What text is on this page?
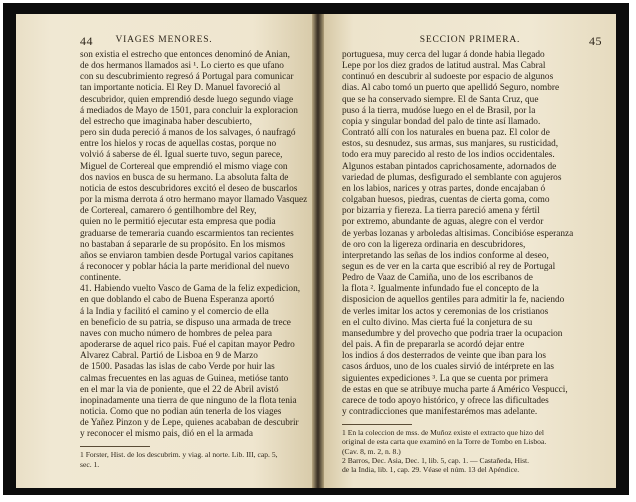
44	VIAGES MENORES.
son existia el estrecho que entonces denominó de Anian,
de dos hermanos llamados asi ¹. Lo cierto es que ufano
con su descubrimiento regresó á Portugal para comunicar
tan importante noticia. El Rey D. Manuel favoreció al
descubridor, quien emprendió desde luego segundo viage
á mediados de Mayo de 1501, para concluir la exploracion
del estrecho que imaginaba haber descubierto,
pero sin duda pereció á manos de los salvages, ó naufragó
entre los hielos y rocas de aquellas costas, porque no
volvió á saberse de él. Igual suerte tuvo, segun parece,
Miguel de Cortereal que emprendió el mismo viage con
dos navios en busca de su hermano. La absoluta falta de
noticia de estos descubridores excitó el deseo de buscarlos
por la misma derrota á otro hermano mayor llamado Vasquez
de Cortereal, camarero ó gentilhombre del Rey,
quien no le permitió ejecutar esta empresa que podia
graduarse de temeraria cuando escarmientos tan recientes
no bastaban á separarle de su propósito. En los mismos
años se enviaron tambien desde Portugal varios capitanes
á reconocer y poblar hácia la parte meridional del nuevo
continente.
41. Habiendo vuelto Vasco de Gama de la feliz expedicion,
en que doblando el cabo de Buena Esperanza aportó
á la India y facilitó el camino y el comercio de ella
en beneficio de su patria, se dispuso una armada de trece
naves con mucho número de hombres de pelea para
apoderarse de aquel rico pais. Fué el capitan mayor Pedro
Alvarez Cabral. Partió de Lisboa en 9 de Marzo
de 1500. Pasadas las islas de cabo Verde por huir las
calmas frecuentes en las aguas de Guinea, metióse tanto
en el mar la via de poniente, que el 22 de Abril avistó
inopinadamente una tierra de que ninguno de la flota tenia
noticia. Como que no podian aún tenerla de los viages
de Yañez Pinzon y de Lepe, quienes acababan de descubrir
y reconocer el mismo pais, dió en el la armada
1 Forster, Hist. de los descubrim. y viag. al norte. Lib. III, cap. 5,
sec. 1.
SECCION PRIMERA.	45
portuguesa, muy cerca del lugar á donde habia llegado
Lepe por los diez grados de latitud austral. Mas Cabral
continuó en descubrir al sudoeste por espacio de algunos
dias. Al cabo tomó un puerto que apellidó Seguro, nombre
que se ha conservado siempre. El de Santa Cruz, que
puso á la tierra, mudóse luego en el de Brasil, por la
copia y singular bondad del palo de tinte así llamado.
Contrató allí con los naturales en buena paz. El color de
estos, su desnudez, sus armas, sus manjares, su rusticidad,
todo era muy parecido al resto de los indios occidentales.
Algunos estaban pintados caprichosamente, adornados de
variedad de plumas, desfigurado el semblante con agujeros
en los labios, narices y otras partes, donde encajaban ó
colgaban huesos, piedras, cuentas de cierta goma, como
por bizarria y fiereza. La tierra pareció amena y fértil
por extremo, abundante de aguas, alegre con el verdor
de yerbas lozanas y arboledas altisimas. Concibióse esperanza
de oro con la ligereza ordinaria en descubridores,
interpretando las señas de los indios conforme al deseo,
segun es de ver en la carta que escribió al rey de Portugal
Pedro de Vaaz de Camiña, uno de los escribanos de
la flota ². Igualmente infundado fue el concepto de la
disposicion de aquellos gentiles para admitir la fe, naciendo
de verles imitar los actos y ceremonias de los cristianos
en el culto divino. Mas cierta fué la conjetura de su
mansedumbre y del provecho que podria traer la ocupacion
del pais. A fin de prepararla se acordó dejar entre
los indios á dos desterrados de veinte que iban para los
casos árduos, uno de los cuales sirvió de intérprete en las
siguientes expediciones ³. La que se cuenta por primera
de estas en que se atribuye mucha parte á Américo Vespucci,
carece de todo apoyo histórico, y ofrece las dificultades
y contradicciones que manifestarémos mas adelante.
1 En la coleccion de mss. de Muñoz existe el extracto que hizo del
original de esta carta que examinó en la Torre de Tombo en Lisboa.
(Cav. 8, m. 2, n. 8.)
2 Barros, Dec. Asia, Dec. 1, lib. 5, cap. 1. — Castañeda, Hist.
de la India, lib. 1, cap. 29. Véase el núm. 13 del Apéndice.
